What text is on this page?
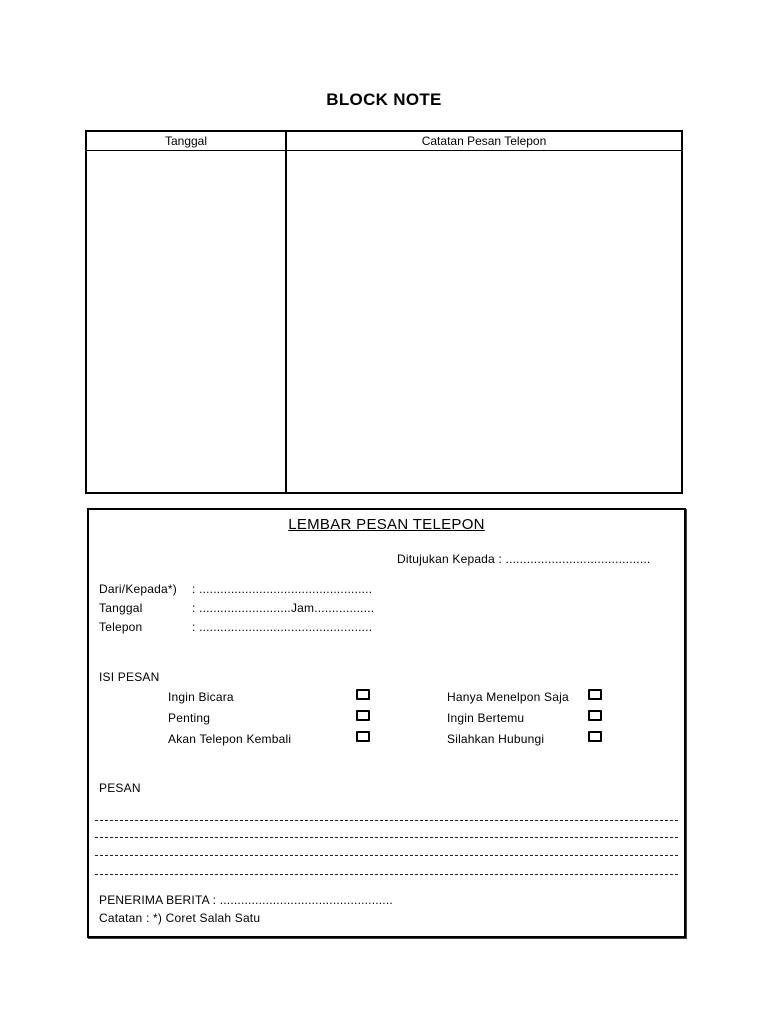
BLOCK NOTE
Tanggal	Catatan Pesan Telepon
LEMBAR PESAN TELEPON
Ditujukan Kepada : .........................................
Dari/Kepada*) : .................................................
Tanggal	: ..........................Jam.................
Telepon	: .................................................
ISI PESAN
Ingin Bicara
Penting
Akan Telepon Kembali
Hanya Menelpon Saja
Ingin Bertemu
Silahkan Hubungi
PESAN
PENERIMA BERITA : .................................................
Catatan : *) Coret Salah Satu
